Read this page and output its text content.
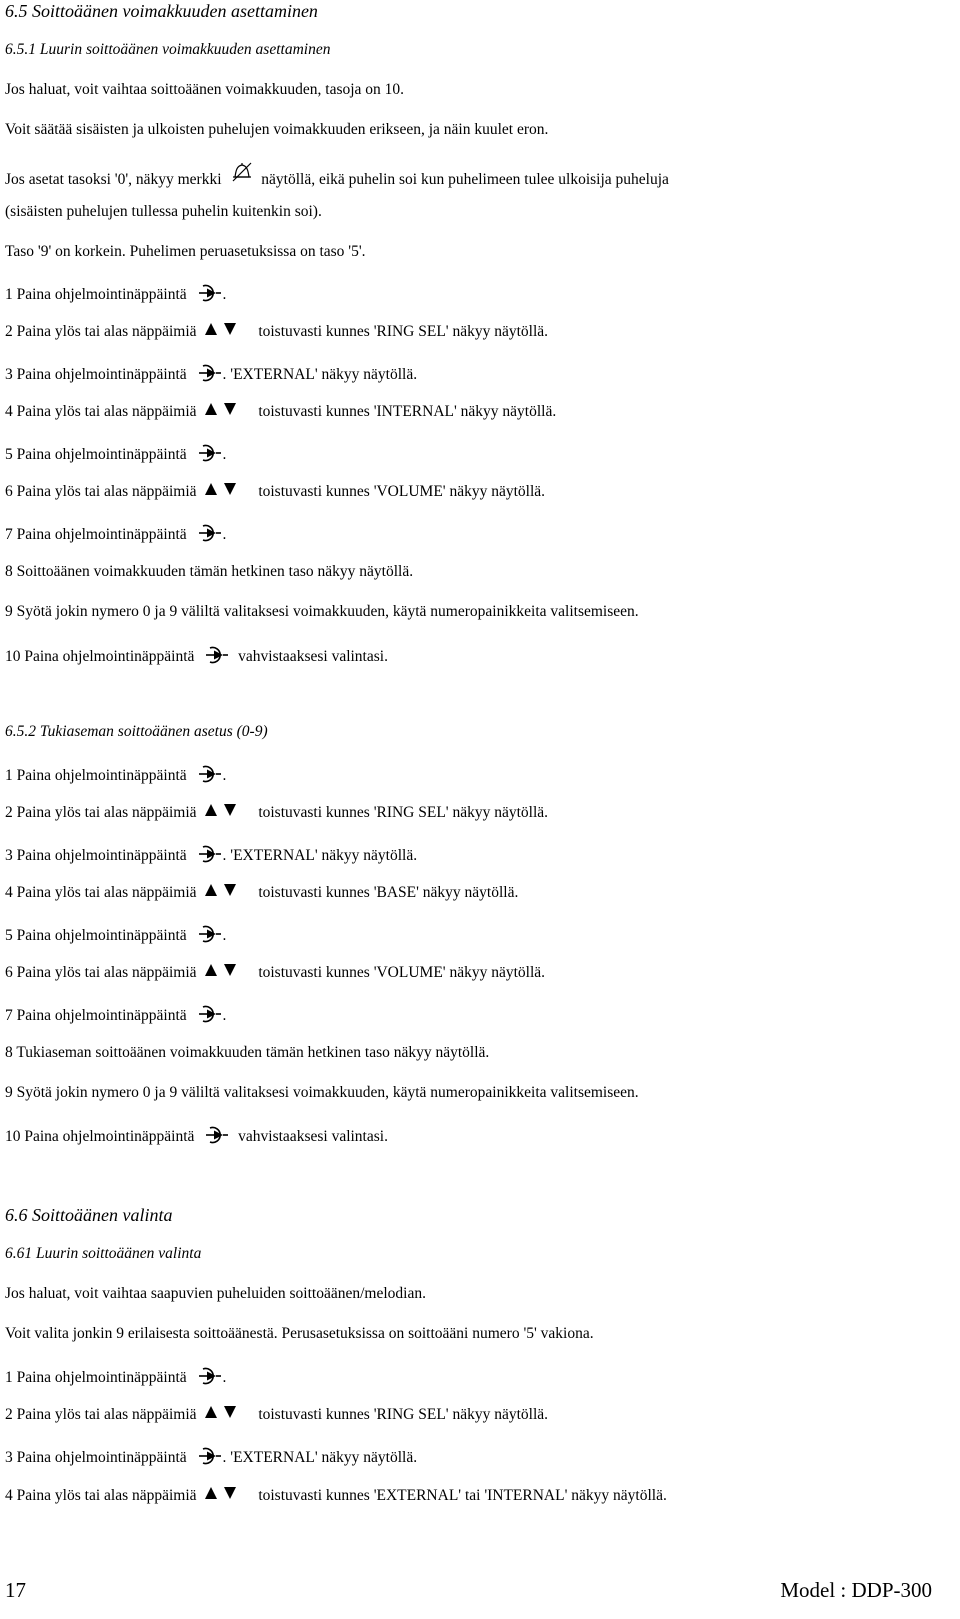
6.5 Soittoäänen voimakkuuden asettaminen
6.5.1 Luurin soittoäänen voimakkuuden asettaminen
Jos haluat, voit vaihtaa soittoäänen voimakkuuden, tasoja on 10.
Voit säätää sisäisten ja ulkoisten puhelujen voimakkuuden erikseen, ja näin kuulet eron.
Jos asetat tasoksi '0', näkyy merkki	näytöllä, eikä puhelin soi kun puhelimeen tulee ulkoisija puheluja
(sisäisten puhelujen tullessa puhelin kuitenkin soi).
Taso '9' on korkein. Puhelimen peruasetuksissa on taso '5'.
1 Paina ohjelmointinäppäintä .
2 Paina ylös tai alas näppäimiä	toistuvasti kunnes 'RING SEL' näkyy näytöllä.
3 Paina ohjelmointinäppäintä . 'EXTERNAL' näkyy näytöllä.
4 Paina ylös tai alas näppäimiä	toistuvasti kunnes 'INTERNAL' näkyy näytöllä.
5 Paina ohjelmointinäppäintä .
6 Paina ylös tai alas näppäimiä	toistuvasti kunnes 'VOLUME' näkyy näytöllä.
7 Paina ohjelmointinäppäintä .
8 Soittoäänen voimakkuuden tämän hetkinen taso näkyy näytöllä.
9 Syötä jokin nymero 0 ja 9 väliltä valitaksesi voimakkuuden, käytä numeropainikkeita valitsemiseen.
10 Paina ohjelmointinäppäintä	vahvistaaksesi valintasi.
6.5.2 Tukiaseman soittoäänen asetus (0-9)
1 Paina ohjelmointinäppäintä .
2 Paina ylös tai alas näppäimiä	toistuvasti kunnes 'RING SEL' näkyy näytöllä.
3 Paina ohjelmointinäppäintä . 'EXTERNAL' näkyy näytöllä.
4 Paina ylös tai alas näppäimiä	toistuvasti kunnes 'BASE' näkyy näytöllä.
5 Paina ohjelmointinäppäintä .
6 Paina ylös tai alas näppäimiä	toistuvasti kunnes 'VOLUME' näkyy näytöllä.
7 Paina ohjelmointinäppäintä .
8 Tukiaseman soittoäänen voimakkuuden tämän hetkinen taso näkyy näytöllä.
9 Syötä jokin nymero 0 ja 9 väliltä valitaksesi voimakkuuden, käytä numeropainikkeita valitsemiseen.
10 Paina ohjelmointinäppäintä	vahvistaaksesi valintasi.
6.6 Soittoäänen valinta
6.61 Luurin soittoäänen valinta
Jos haluat, voit vaihtaa saapuvien puheluiden soittoäänen/melodian.
Voit valita jonkin 9 erilaisesta soittoäänestä. Perusasetuksissa on soittoääni numero '5' vakiona.
1 Paina ohjelmointinäppäintä .
2 Paina ylös tai alas näppäimiä	toistuvasti kunnes 'RING SEL' näkyy näytöllä.
3 Paina ohjelmointinäppäintä . 'EXTERNAL' näkyy näytöllä.
4 Paina ylös tai alas näppäimiä	toistuvasti kunnes 'EXTERNAL' tai 'INTERNAL' näkyy näytöllä.
17	Model : DDP-300
